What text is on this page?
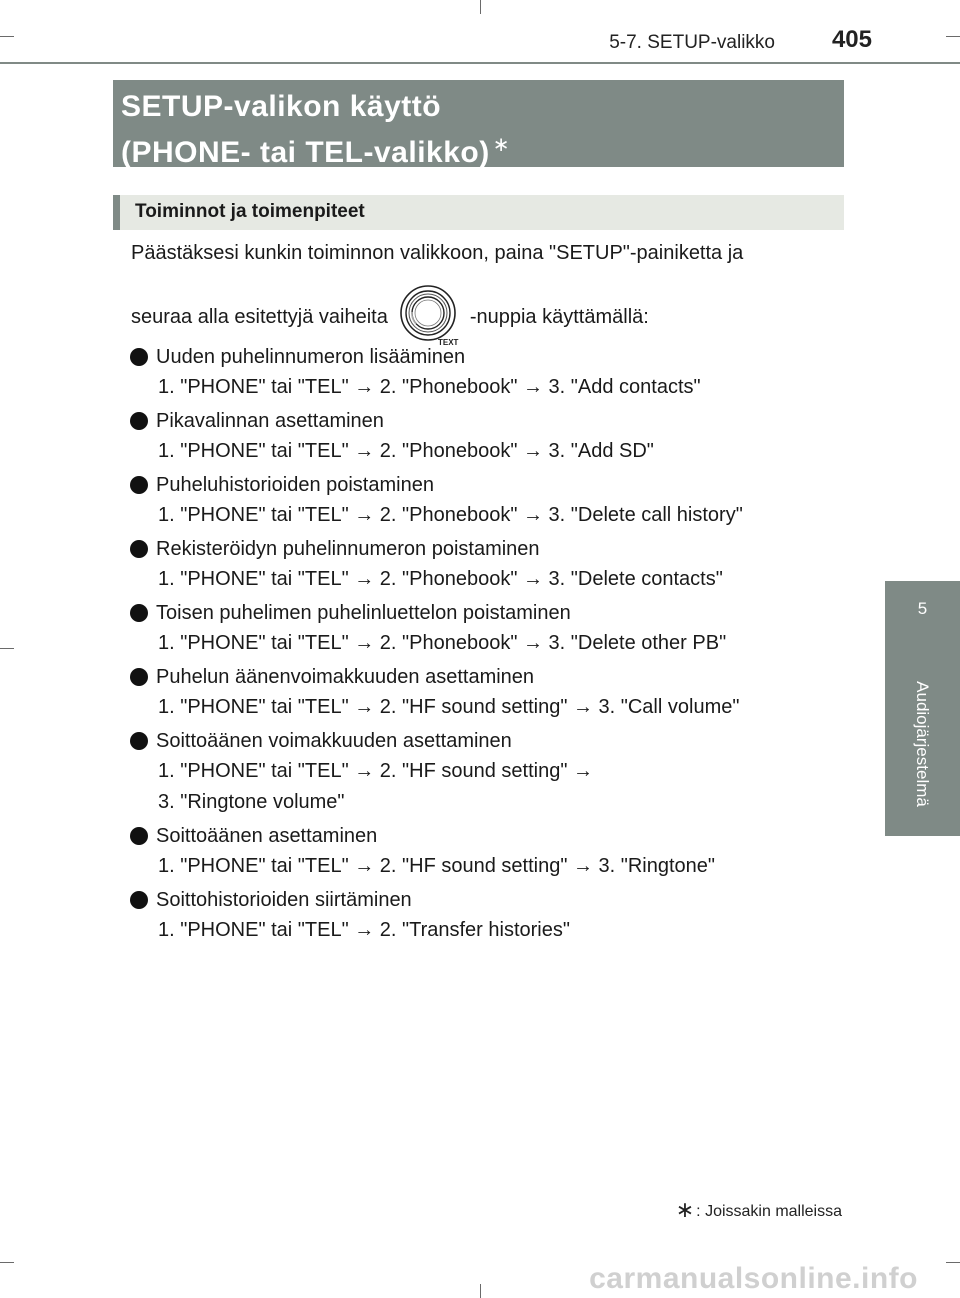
5-7. SETUP-valikko 405
5
Audiojärjestelmä
SETUP-valikon käyttö
(PHONE- tai TEL-valikko) ∗
Toiminnot ja toimenpiteet
Päästäksesi kunkin toiminnon valikkoon, paina "SETUP"-painiketta ja
seuraa alla esitettyjä vaiheita
TEXT
-nuppia käyttämällä:
Uuden puhelinnumeron lisääminen
1. "PHONE" tai "TEL" → 2. "Phonebook" → 3. "Add contacts"
Pikavalinnan asettaminen
1. "PHONE" tai "TEL" → 2. "Phonebook" → 3. "Add SD"
Puheluhistorioiden poistaminen
1. "PHONE" tai "TEL" → 2. "Phonebook" → 3. "Delete call history"
Rekisteröidyn puhelinnumeron poistaminen
1. "PHONE" tai "TEL" → 2. "Phonebook" → 3. "Delete contacts"
Toisen puhelimen puhelinluettelon poistaminen
1. "PHONE" tai "TEL" → 2. "Phonebook" → 3. "Delete other PB"
Puhelun äänenvoimakkuuden asettaminen
1. "PHONE" tai "TEL" → 2. "HF sound setting" → 3. "Call volume"
Soittoäänen voimakkuuden asettaminen
1. "PHONE" tai "TEL" → 2. "HF sound setting" →
3. "Ringtone volume"
Soittoäänen asettaminen
1. "PHONE" tai "TEL" → 2. "HF sound setting" → 3. "Ringtone"
Soittohistorioiden siirtäminen
1. "PHONE" tai "TEL" → 2. "Transfer histories"
∗ : Joissakin malleissa
carmanualsonline.info
